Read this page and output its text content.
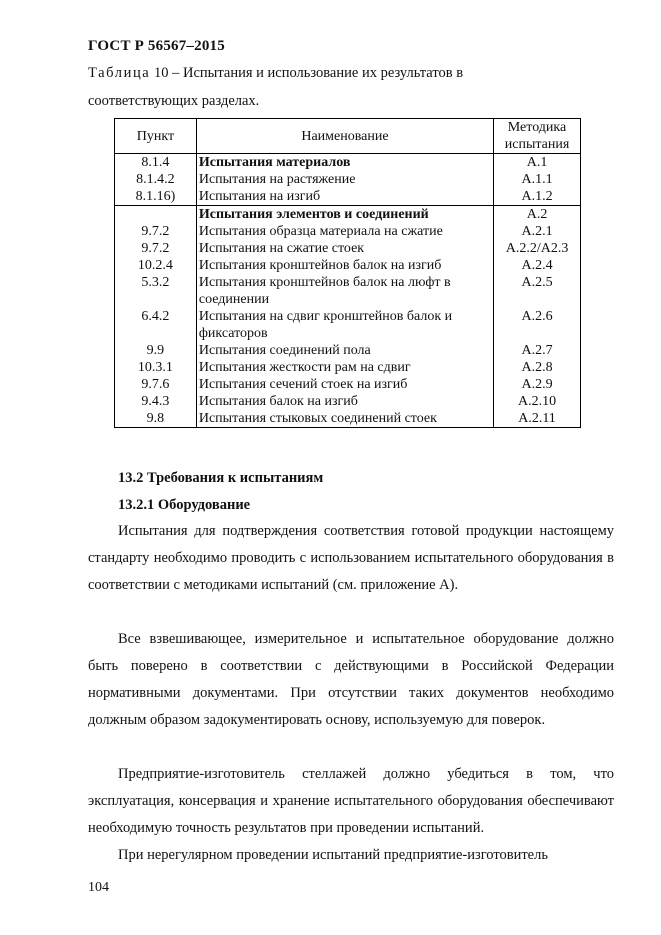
ГОСТ Р 56567–2015
Таблица 10 – Испытания и использование их результатов в
соответствующих разделах.
Пункт	Наименование	Методика
испытания
8.1.4	Испытания материалов	А.1
8.1.4.2	Испытания на растяжение	А.1.1
8.1.16)	Испытания на изгиб	А.1.2
	Испытания элементов и соединений	А.2
9.7.2	Испытания образца материала на сжатие	А.2.1
9.7.2	Испытания на сжатие стоек	А.2.2/А2.3
10.2.4	Испытания кронштейнов балок на изгиб	А.2.4
5.3.2	Испытания кронштейнов балок на люфт в соединении	А.2.5
6.4.2	Испытания на сдвиг кронштейнов балок и фиксаторов	А.2.6
9.9	Испытания соединений пола	А.2.7
10.3.1	Испытания жесткости рам на сдвиг	А.2.8
9.7.6	Испытания сечений стоек на изгиб	А.2.9
9.4.3	Испытания балок на изгиб	А.2.10
9.8	Испытания стыковых соединений стоек	А.2.11
13.2 Требования к испытаниям
13.2.1 Оборудование
Испытания для подтверждения соответствия готовой продукции настоящему стандарту необходимо проводить с использованием испытательного оборудования в соответствии с методиками испытаний (см. приложение А).
Все взвешивающее, измерительное и испытательное оборудование должно быть поверено в соответствии с действующими в Российской Федерации нормативными документами. При отсутствии таких документов необходимо должным образом задокументировать основу, используемую для поверок.
Предприятие-изготовитель стеллажей должно убедиться в том, что эксплуатация, консервация и хранение испытательного оборудования обеспечивают необходимую точность результатов при проведении испытаний.
При нерегулярном проведении испытаний предприятие-изготовитель
104
